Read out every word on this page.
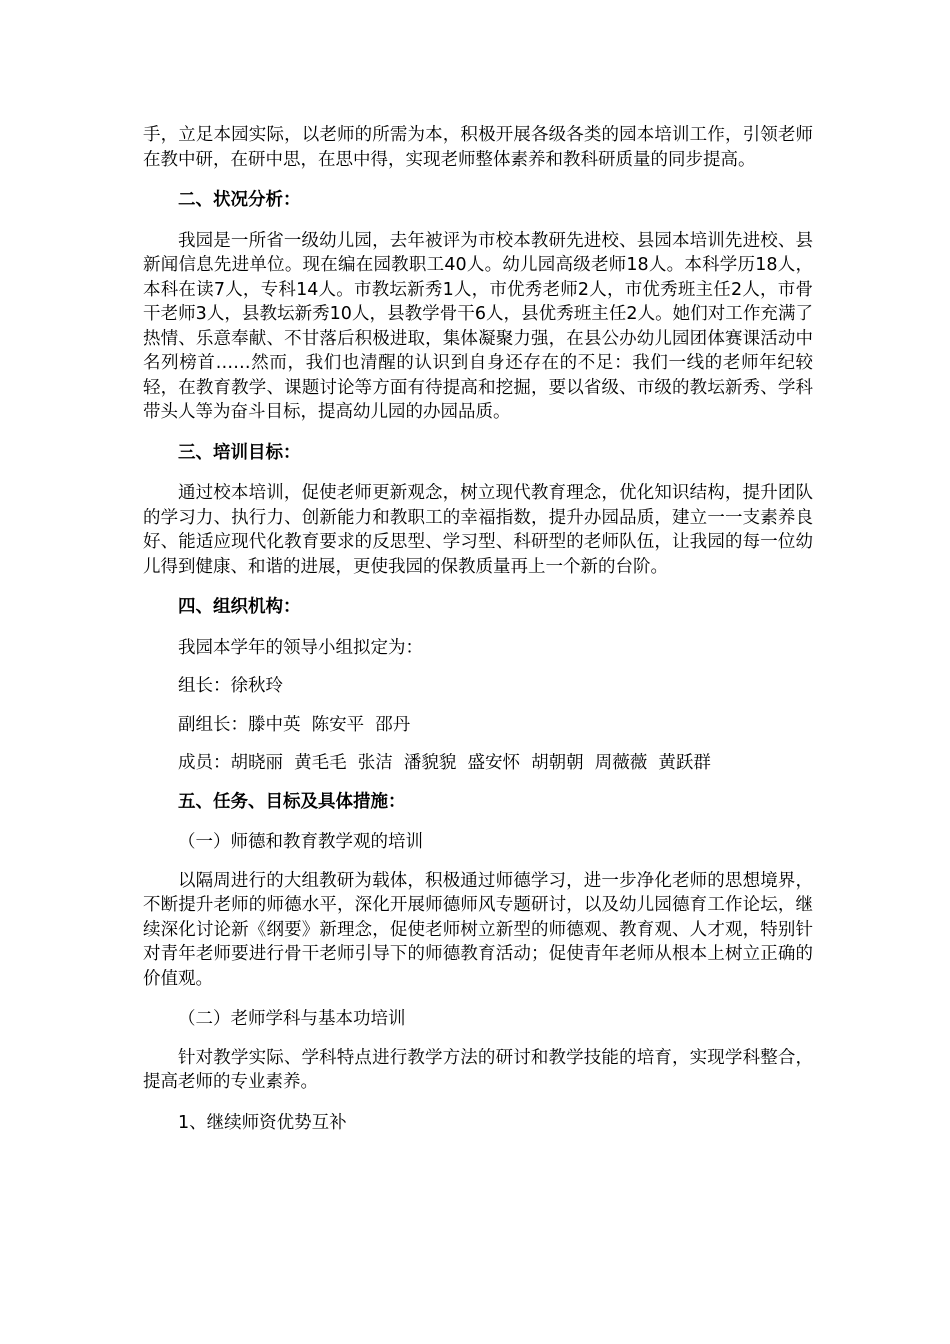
手，立足本园实际，以老师的所需为本，积极开展各级各类的园本培训工作，引领老师在教中研，在研中思，在思中得，实现老师整体素养和教科研质量的同步提高。

二、状况分析：

我园是一所省一级幼儿园，去年被评为市校本教研先进校、县园本培训先进校、县新闻信息先进单位。现在编在园教职工40人。幼儿园高级老师18人。本科学历18人，本科在读7人，专科14人。市教坛新秀1人，市优秀老师2人，市优秀班主任2人，市骨干老师3人，县教坛新秀10人，县教学骨干6人，县优秀班主任2人。她们对工作充满了热情、乐意奉献、不甘落后积极进取，集体凝聚力强，在县公办幼儿园团体赛课活动中名列榜首……然而，我们也清醒的认识到自身还存在的不足：我们一线的老师年纪较轻，在教育教学、课题讨论等方面有待提高和挖掘，要以省级、市级的教坛新秀、学科带头人等为奋斗目标，提高幼儿园的办园品质。

三、培训目标：

通过校本培训，促使老师更新观念，树立现代教育理念，优化知识结构，提升团队的学习力、执行力、创新能力和教职工的幸福指数，提升办园品质，建立一一支素养良好、能适应现代化教育要求的反思型、学习型、科研型的老师队伍，让我园的每一位幼儿得到健康、和谐的进展，更使我园的保教质量再上一个新的台阶。

四、组织机构：
我园本学年的领导小组拟定为：
组长：徐秋玲
副组长：滕中英  陈安平  邵丹
成员：胡晓丽  黄毛毛  张洁  潘貌貌  盛安怀  胡朝朝  周薇薇  黄跃群
五、任务、目标及具体措施：
（一）师德和教育教学观的培训

以隔周进行的大组教研为载体，积极通过师德学习，进一步净化老师的思想境界，不断提升老师的师德水平，深化开展师德师风专题研讨，以及幼儿园德育工作论坛，继续深化讨论新《纲要》新理念，促使老师树立新型的师德观、教育观、人才观，特别针对青年老师要进行骨干老师引导下的师德教育活动；促使青年老师从根本上树立正确的价值观。

（二）老师学科与基本功培训

针对教学实际、学科特点进行教学方法的研讨和教学技能的培育，实现学科整合，提高老师的专业素养。

1、继续师资优势互补
